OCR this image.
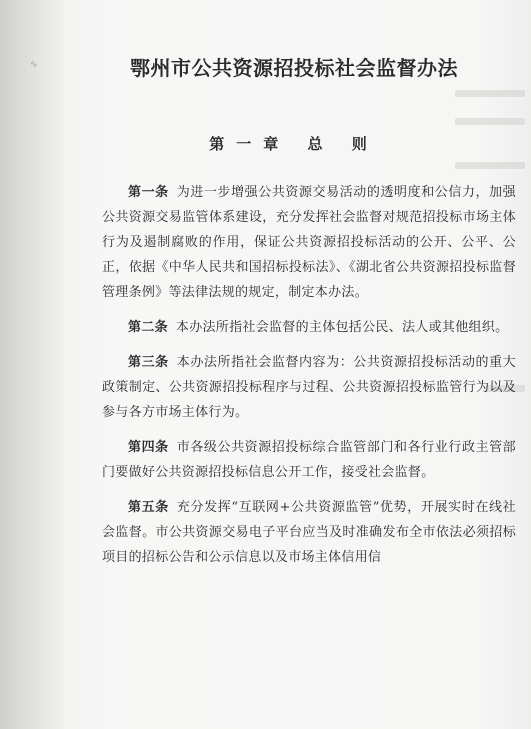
∿	鄂州市公共资源招投标社会监督办法
第一章 总 则

第一条 为进一步增强公共资源交易活动的透明度和公信力，加强公共资源交易监管体系建设，充分发挥社会监督对规范招投标市场主体行为及遏制腐败的作用，保证公共资源招投标活动的公开、公平、公正，依据《中华人民共和国招标投标法》、《湖北省公共资源招投标监督管理条例》等法律法规的规定，制定本办法。

第二条 本办法所指社会监督的主体包括公民、法人或其他组织。

第三条 本办法所指社会监督内容为：公共资源招投标活动的重大政策制定、公共资源招投标程序与过程、公共资源招投标监管行为以及参与各方市场主体行为。

第四条 市各级公共资源招投标综合监管部门和各行业行政主管部门要做好公共资源招投标信息公开工作，接受社会监督。

第五条 充分发挥“互联网+公共资源监管”优势，开展实时在线社会监督。市公共资源交易电子平台应当及时准确发布全市依法必须招标项目的招标公告和公示信息以及市场主体信用信
